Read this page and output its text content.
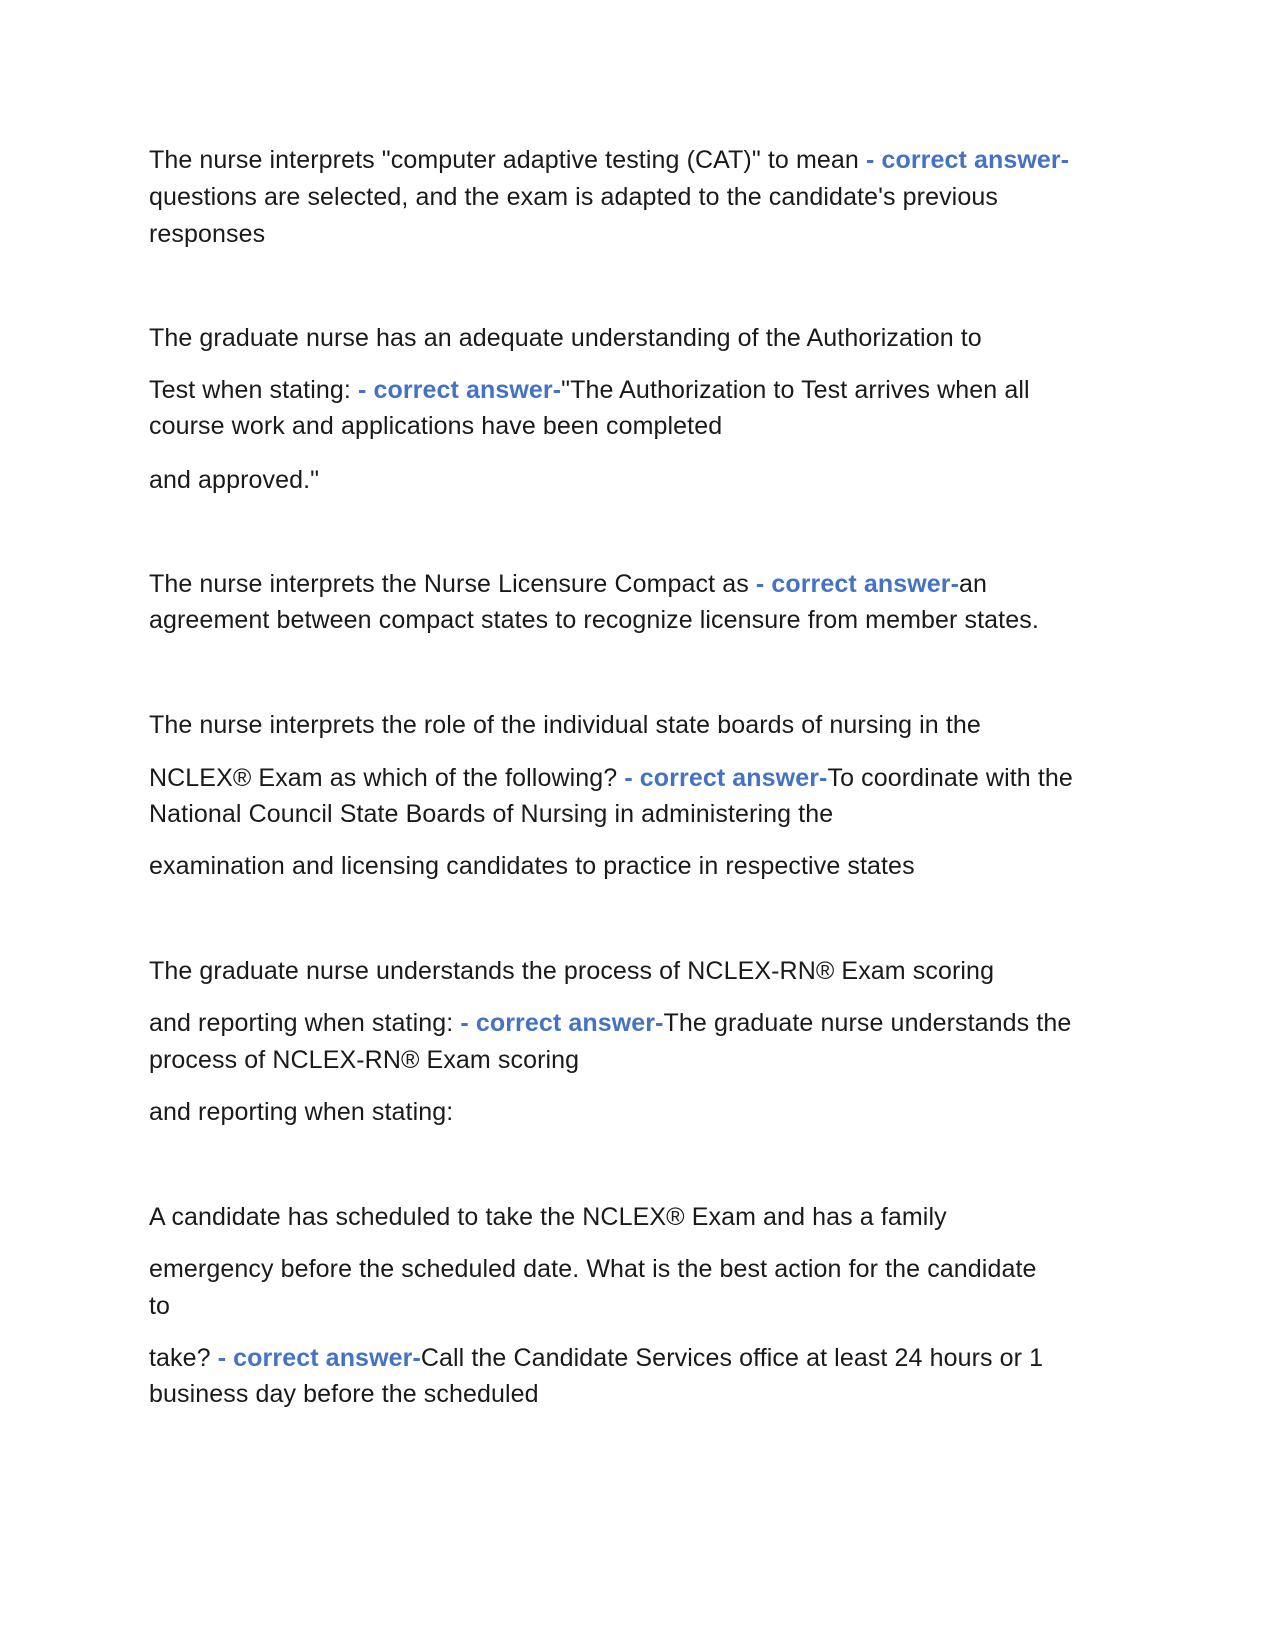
The nurse interprets "computer adaptive testing (CAT)" to mean - correct answer-
questions are selected, and the exam is adapted to the candidate's previous
responses
The graduate nurse has an adequate understanding of the Authorization to
Test when stating: - correct answer-"The Authorization to Test arrives when all
course work and applications have been completed
and approved."
The nurse interprets the Nurse Licensure Compact as - correct answer-an
agreement between compact states to recognize licensure from member states.
The nurse interprets the role of the individual state boards of nursing in the
NCLEX® Exam as which of the following? - correct answer-To coordinate with the
National Council State Boards of Nursing in administering the
examination and licensing candidates to practice in respective states
The graduate nurse understands the process of NCLEX-RN® Exam scoring
and reporting when stating: - correct answer-The graduate nurse understands the
process of NCLEX-RN® Exam scoring
and reporting when stating:
A candidate has scheduled to take the NCLEX® Exam and has a family
emergency before the scheduled date. What is the best action for the candidate
to
take? - correct answer-Call the Candidate Services office at least 24 hours or 1
business day before the scheduled
